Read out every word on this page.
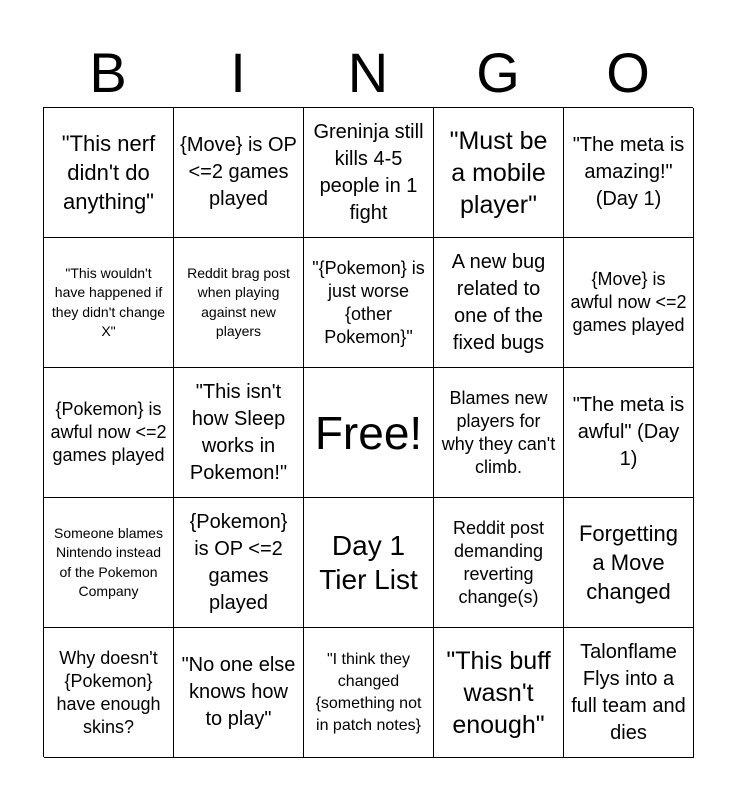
B	I	N	G	O
"This nerf didn't do anything"
{Move} is OP <=2 games played
Greninja still kills 4-5 people in 1 fight
"Must be a mobile player"
"The meta is amazing!" (Day 1)
"This wouldn't have happened if they didn't change X"
Reddit brag post when playing against new players
"{Pokemon} is just worse {other Pokemon}"
A new bug related to one of the fixed bugs
{Move} is awful now <=2 games played
{Pokemon} is awful now <=2 games played
"This isn't how Sleep works in Pokemon!"
Free!
Blames new players for why they can't climb.
"The meta is awful" (Day 1)
Someone blames Nintendo instead of the Pokemon Company
{Pokemon} is OP <=2 games played
Day 1 Tier List
Reddit post demanding reverting change(s)
Forgetting a Move changed
Why doesn't {Pokemon} have enough skins?
"No one else knows how to play"
"I think they changed {something not in patch notes}
"This buff wasn't enough"
Talonflame Flys into a full team and dies
